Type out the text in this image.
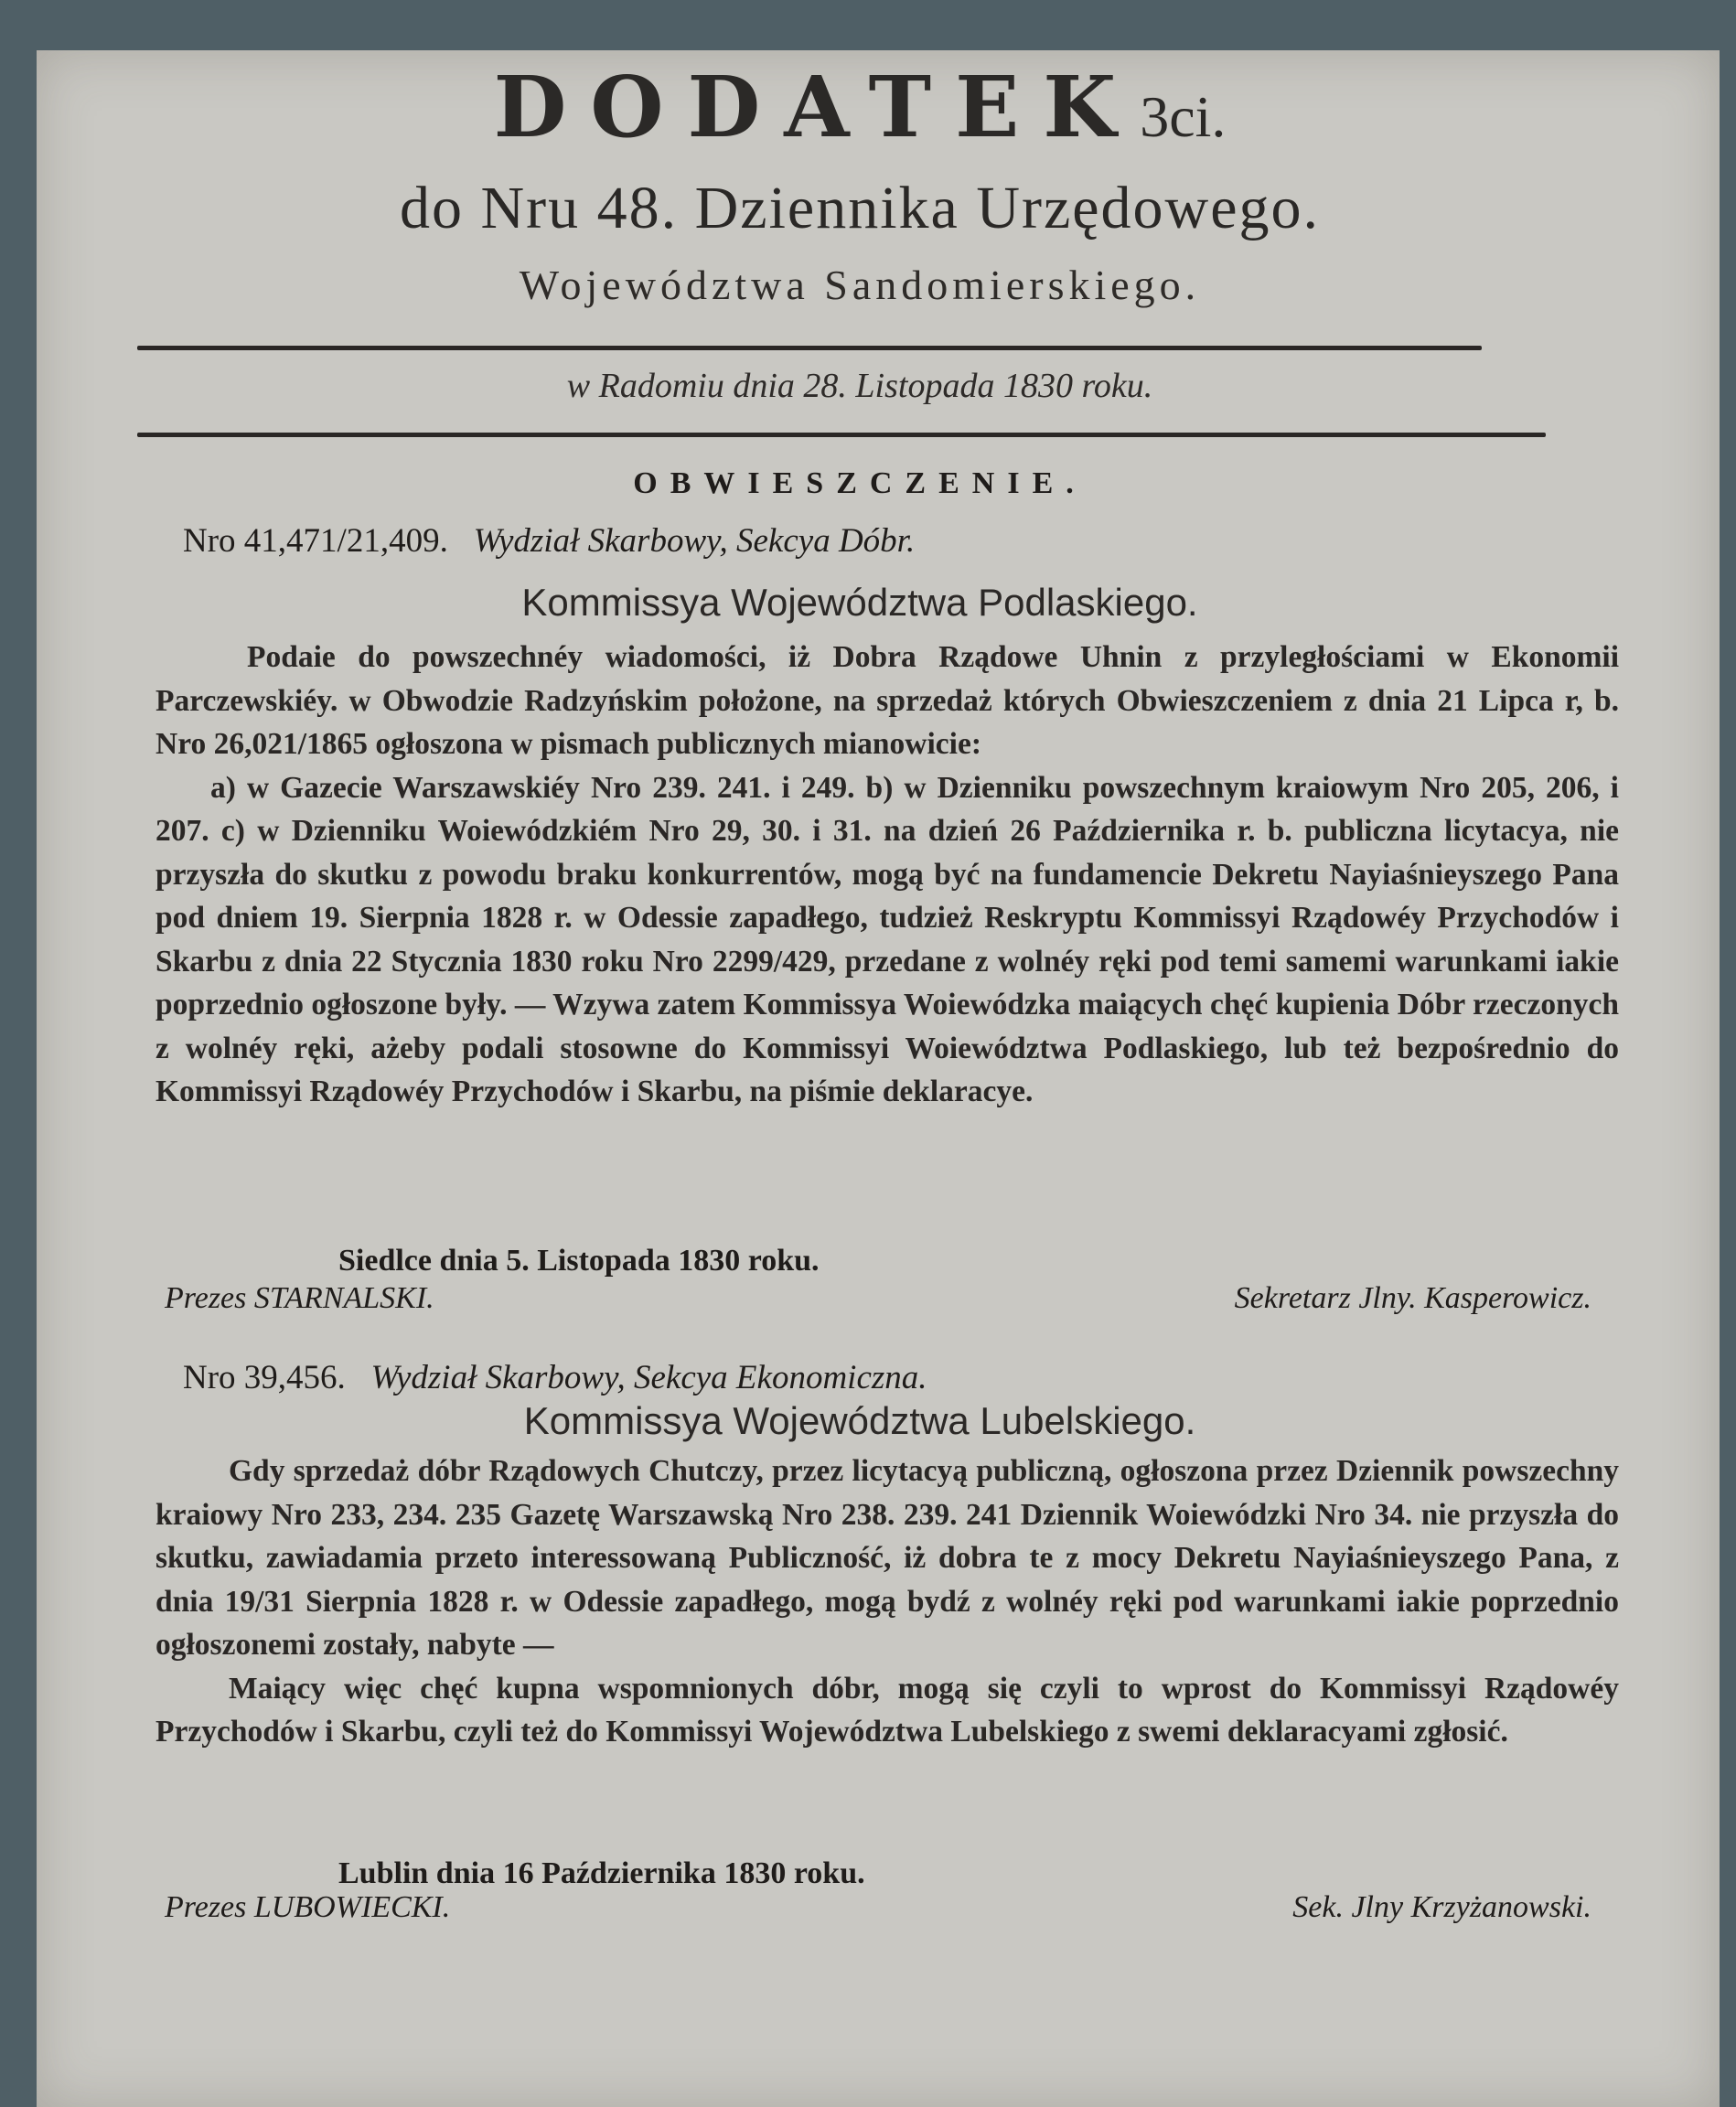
DODATEK3ci.
do Nru 48. Dziennika Urzędowego.
Województwa Sandomierskiego.
w Radomiu dnia 28. Listopada 1830 roku.
OBWIESZCZENIE.
Nro 41,471/21,409. Wydział Skarbowy, Sekcya Dóbr.
Kommissya Województwa Podlaskiego.

Podaie do powszechnéy wiadomości, iż Dobra Rządowe Uhnin z przyległościami w Ekonomii Parczewskiéy. w Obwodzie Radzyńskim położone, na sprzedaż których Obwieszczeniem z dnia 21 Lipca r, b. Nro 26,021/1865 ogłoszona w pismach publicznych mianowicie:

a) w Gazecie Warszawskiéy Nro 239. 241. i 249. b) w Dzienniku powszechnym kraiowym Nro 205, 206, i 207. c) w Dzienniku Woiewódzkiém Nro 29, 30. i 31. na dzień 26 Października r. b. publiczna licytacya, nie przyszła do skutku z powodu braku konkurrentów, mogą być na fundamencie Dekretu Nayiaśnieyszego Pana pod dniem 19. Sierpnia 1828 r. w Odessie zapadłego, tudzież Reskryptu Kommissyi Rządowéy Przychodów i Skarbu z dnia 22 Stycznia 1830 roku Nro 2299/429, przedane z wolnéy ręki pod temi samemi warunkami iakie poprzednio ogłoszone były. — Wzywa zatem Kommissya Woiewódzka maiących chęć kupienia Dóbr rzeczonych z wolnéy ręki, ażeby podali stosowne do Kommissyi Woiewództwa Podlaskiego, lub też bezpośrednio do Kommissyi Rządowéy Przychodów i Skarbu, na piśmie deklaracye.

Siedlce dnia 5. Listopada 1830 roku.
Prezes STARNALSKI.	Sekretarz Jlny. Kasperowicz.
Nro 39,456. Wydział Skarbowy, Sekcya Ekonomiczna.
Kommissya Województwa Lubelskiego.

Gdy sprzedaż dóbr Rządowych Chutczy, przez licytacyą publiczną, ogłoszona przez Dziennik powszechny kraiowy Nro 233, 234. 235 Gazetę Warszawską Nro 238. 239. 241 Dziennik Woiewódzki Nro 34. nie przyszła do skutku, zawiadamia przeto interessowaną Publiczność, iż dobra te z mocy Dekretu Nayiaśnieyszego Pana, z dnia 19/31 Sierpnia 1828 r. w Odessie zapadłego, mogą bydź z wolnéy ręki pod warunkami iakie poprzednio ogłoszonemi zostały, nabyte —

Maiący więc chęć kupna wspomnionych dóbr, mogą się czyli to wprost do Kommissyi Rządowéy Przychodów i Skarbu, czyli też do Kommissyi Województwa Lubelskiego z swemi deklaracyami zgłosić.

Lublin dnia 16 Października 1830 roku.
Prezes LUBOWIECKI.	Sek. Jlny Krzyżanowski.
